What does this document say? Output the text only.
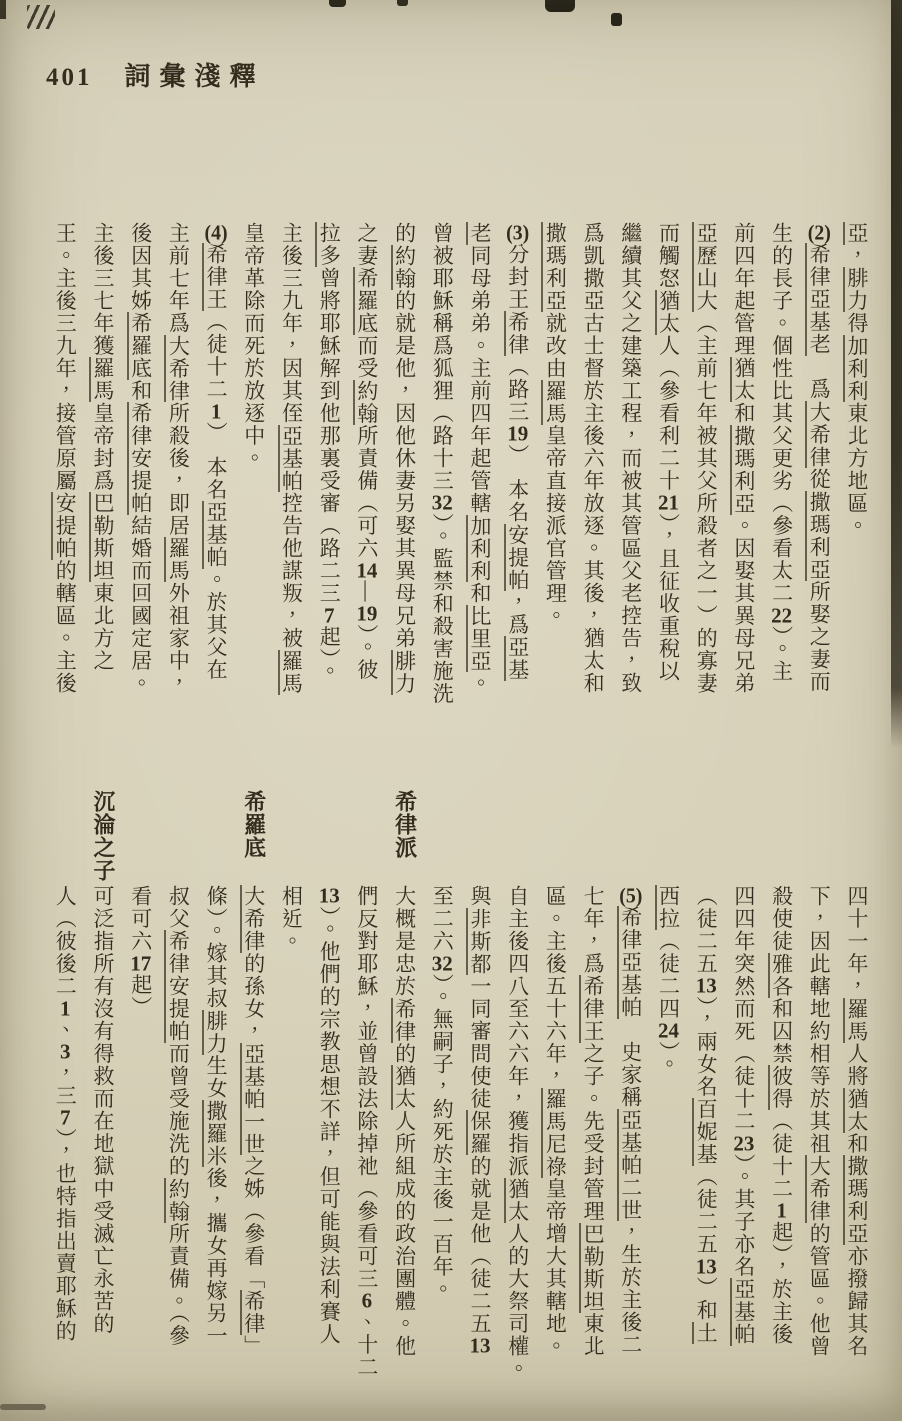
401 詞彙淺釋
亞，腓力得加利利東北方地區。
(2)希律亞基老　爲大希律從撒瑪利亞所娶之妻而
生的長子。個性比其父更劣（參看太二22）。主
前四年起管理猶太和撒瑪利亞。因娶其異母兄弟
亞歷山大（主前七年被其父所殺者之一）的寡妻
而觸怒猶太人（參看利二十21），且征收重稅以
繼續其父之建築工程，而被其管區父老控告，致
爲凱撒亞古士督於主後六年放逐。其後，猶太和
撒瑪利亞就改由羅馬皇帝直接派官管理。
(3)分封王希律（路三19）　本名安提帕，爲亞基
老同母弟弟。主前四年起管轄加利利和比里亞。
曾被耶穌稱爲狐狸（路十三32）。監禁和殺害施洗
的約翰的就是他，因他休妻另娶其異母兄弟腓力
之妻希羅底而受約翰所責備（可六14—19）。彼
拉多曾將耶穌解到他那裏受審（路二三7起）。
主後三九年，因其侄亞基帕控告他謀叛，被羅馬
皇帝革除而死於放逐中。
(4)希律王（徒十二1）　本名亞基帕。於其父在
主前七年爲大希律所殺後，即居羅馬外祖家中，
後因其姊希羅底和希律安提帕結婚而回國定居。
主後三七年獲羅馬皇帝封爲巴勒斯坦東北方之
王。主後三九年，接管原屬安提帕的轄區。主後
四十一年，羅馬人將猶太和撒瑪利亞亦撥歸其名
下，因此轄地約相等於其祖大希律的管區。他曾
殺使徒雅各和囚禁彼得（徒十二1起），於主後
四四年突然而死（徒十二23）。其子亦名亞基帕
（徒二五13），兩女名百妮基（徒二五13）和土
西拉（徒二四24）。
(5)希律亞基帕　史家稱亞基帕二世，生於主後二
七年，爲希律王之子。先受封管理巴勒斯坦東北
區。主後五十六年，羅馬尼祿皇帝增大其轄地。
自主後四八至六六年，獲指派猶太人的大祭司權。
與非斯都一同審問使徒保羅的就是他（徒二五13
至二六32）。無嗣子，約死於主後一百年。
希律派
大概是忠於希律的猶太人所組成的政治團體。他
們反對耶穌，並曾設法除掉祂（參看可三6、十二
13）。他們的宗教思想不詳，但可能與法利賽人
相近。
希羅底
大希律的孫女，亞基帕一世之姊（參看「希律」
條）。嫁其叔腓力生女撒羅米後，攜女再嫁另一
叔父希律安提帕而曾受施洗的約翰所責備。（參
看可六17起）
沉淪之子
可泛指所有沒有得救而在地獄中受滅亡永苦的
人（彼後二1、3，三7），也特指出賣耶穌的
